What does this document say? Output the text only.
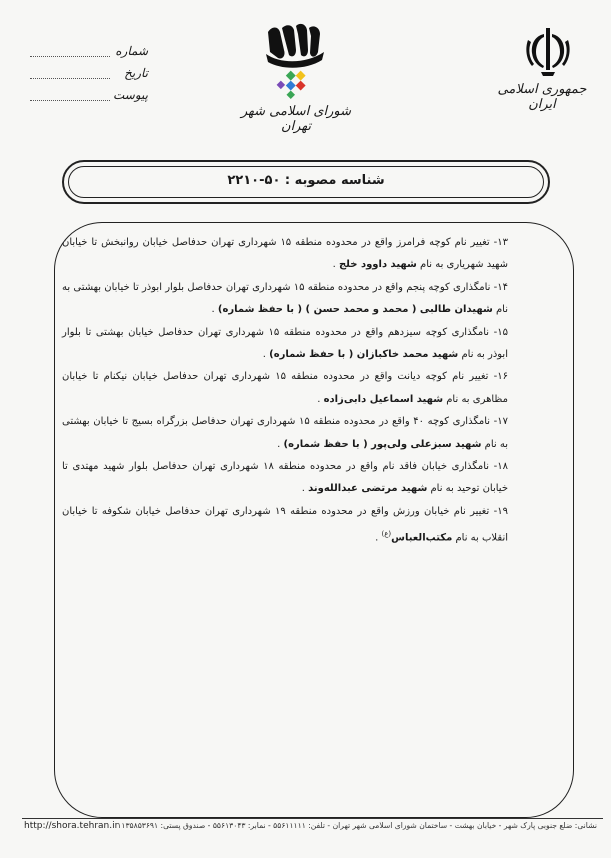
جمهوری اسلامی ایران
شورای اسلامی شهر تهران
شماره
تاریخ
پیوست
شناسه مصوبه : ۵۰-۲۲۱۰

۱۳- تغییر نام کوچه فرامرز واقع در محدوده منطقه ۱۵ شهرداری تهران حدفاصل خیابان روانبخش تا خیابان شهید شهریاری به نام شهید داوود خلج .

۱۴- نامگذاری کوچه پنجم واقع در محدوده منطقه ۱۵ شهرداری تهران حدفاصل بلوار ابوذر تا خیابان بهشتی به نام شهیدان طالبی ( محمد و محمد حسن ) ( با حفظ شماره) .

۱۵- نامگذاری کوچه سیزدهم واقع در محدوده منطقه ۱۵ شهرداری تهران حدفاصل خیابان بهشتی تا بلوار ابوذر به نام شهید محمد خاکبازان ( با حفظ شماره) .

۱۶- تغییر نام کوچه دیانت واقع در محدوده منطقه ۱۵ شهرداری تهران حدفاصل خیابان نیکنام تا خیابان مظاهری به نام شهید اسماعیل دابی‌زاده .

۱۷- نامگذاری کوچه ۴۰ واقع در محدوده منطقه ۱۵ شهرداری تهران حدفاصل بزرگراه بسیج تا خیابان بهشتی به نام شهید سبزعلی ولی‌پور ( با حفظ شماره) .

۱۸- نامگذاری خیابان فاقد نام واقع در محدوده منطقه ۱۸ شهرداری تهران حدفاصل بلوار شهید مهتدی تا خیابان توحید به نام شهید مرتضی عبدالله‌وند .

۱۹- تغییر نام خیابان ورزش واقع در محدوده منطقه ۱۹ شهرداری تهران حدفاصل خیابان شکوفه تا خیابان انقلاب به نام مکتب‌العباس$^{(ع)}$ .

نشانی: ضلع جنوبی پارک شهر - خیابان بهشت - ساختمان شورای اسلامی شهر تهران - تلفن: ۵۵۶۱۱۱۱۱ - نمابر: ۵۵۶۱۳۰۴۳ - صندوق پستی: ۱۱۳۵۸۵۳۶۹۱
http://shora.tehran.ir
